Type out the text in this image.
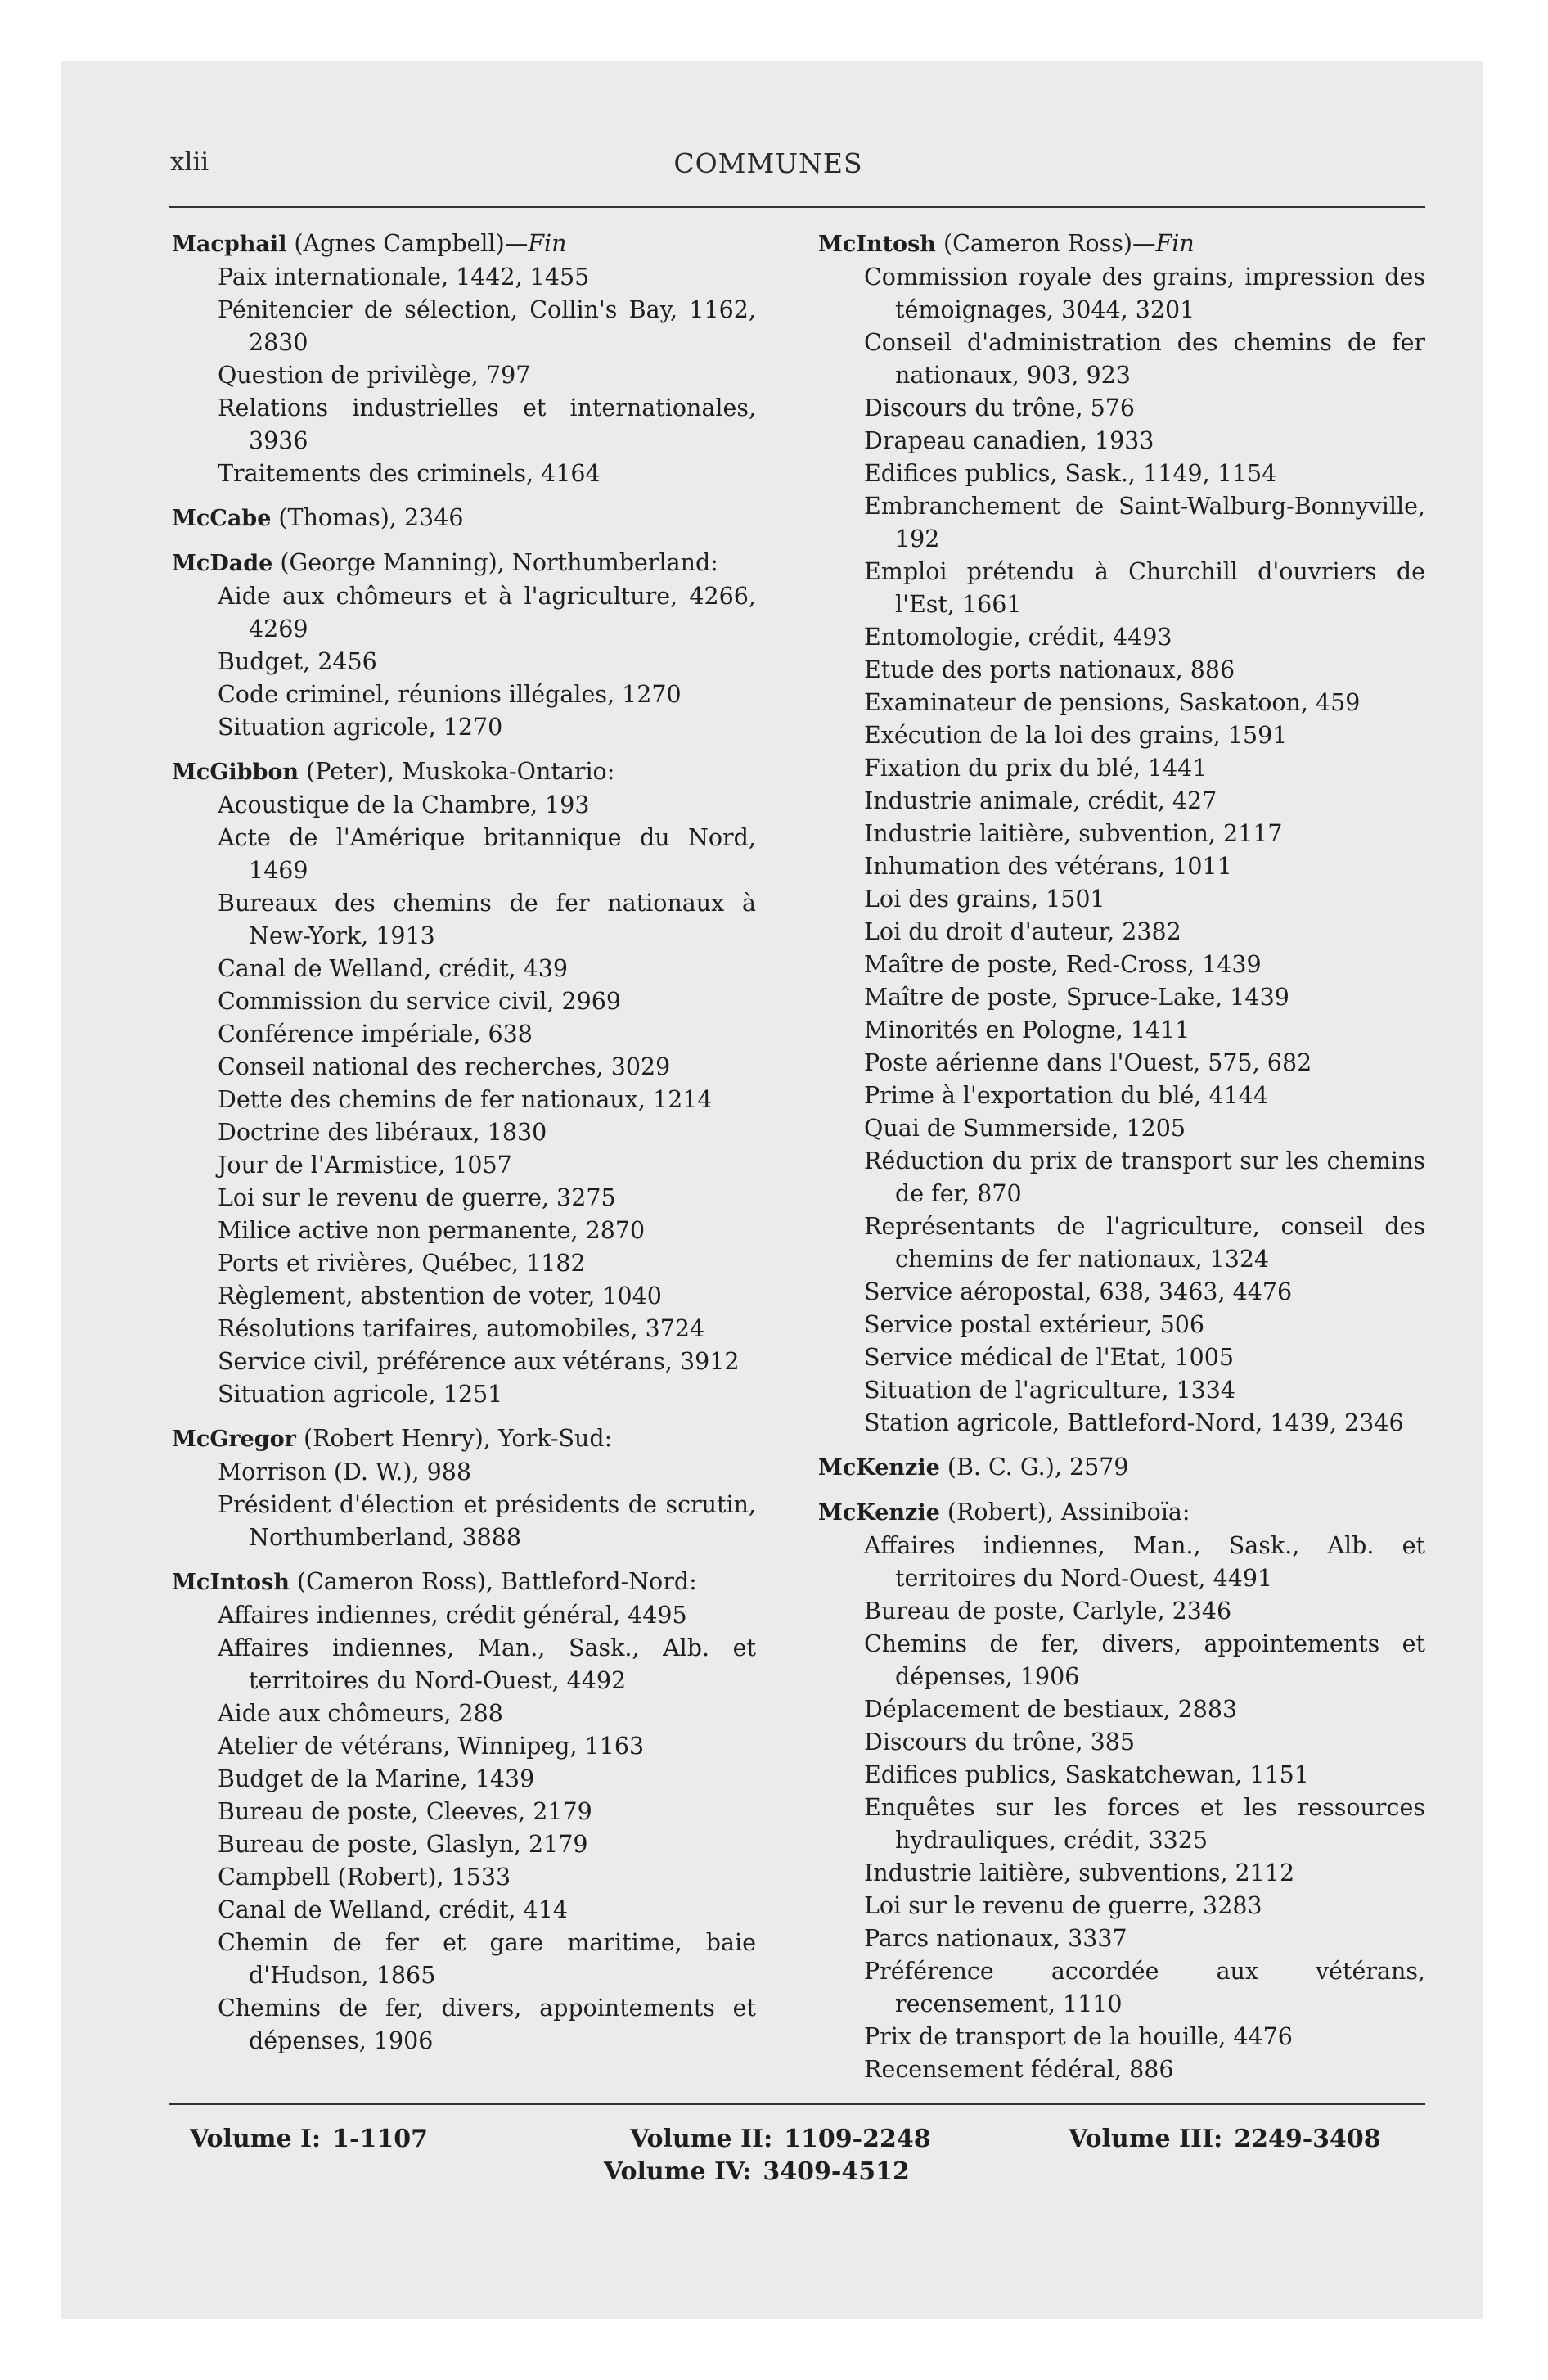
xlii	COMMUNES
Macphail (Agnes Campbell)—Fin
Paix internationale, 1442, 1455
Pénitencier de sélection, Collin's Bay, 1162, 2830
Question de privilège, 797
Relations industrielles et internationales, 3936
Traitements des criminels, 4164
McCabe (Thomas), 2346
McDade (George Manning), Northumberland:
Aide aux chômeurs et à l'agriculture, 4266, 4269
Budget, 2456
Code criminel, réunions illégales, 1270
Situation agricole, 1270
McGibbon (Peter), Muskoka-Ontario:
Acoustique de la Chambre, 193
Acte de l'Amérique britannique du Nord, 1469
Bureaux des chemins de fer nationaux à New-York, 1913
Canal de Welland, crédit, 439
Commission du service civil, 2969
Conférence impériale, 638
Conseil national des recherches, 3029
Dette des chemins de fer nationaux, 1214
Doctrine des libéraux, 1830
Jour de l'Armistice, 1057
Loi sur le revenu de guerre, 3275
Milice active non permanente, 2870
Ports et rivières, Québec, 1182
Règlement, abstention de voter, 1040
Résolutions tarifaires, automobiles, 3724
Service civil, préférence aux vétérans, 3912
Situation agricole, 1251
McGregor (Robert Henry), York-Sud:
Morrison (D. W.), 988
Président d'élection et présidents de scrutin, Northumberland, 3888
McIntosh (Cameron Ross), Battleford-Nord:
Affaires indiennes, crédit général, 4495
Affaires indiennes, Man., Sask., Alb. et territoires du Nord-Ouest, 4492
Aide aux chômeurs, 288
Atelier de vétérans, Winnipeg, 1163
Budget de la Marine, 1439
Bureau de poste, Cleeves, 2179
Bureau de poste, Glaslyn, 2179
Campbell (Robert), 1533
Canal de Welland, crédit, 414
Chemin de fer et gare maritime, baie d'Hudson, 1865
Chemins de fer, divers, appointements et dépenses, 1906
McIntosh (Cameron Ross)—Fin
Commission royale des grains, impression des témoignages, 3044, 3201
Conseil d'administration des chemins de fer nationaux, 903, 923
Discours du trône, 576
Drapeau canadien, 1933
Edifices publics, Sask., 1149, 1154
Embranchement de Saint-Walburg-Bonnyville, 192
Emploi prétendu à Churchill d'ouvriers de l'Est, 1661
Entomologie, crédit, 4493
Etude des ports nationaux, 886
Examinateur de pensions, Saskatoon, 459
Exécution de la loi des grains, 1591
Fixation du prix du blé, 1441
Industrie animale, crédit, 427
Industrie laitière, subvention, 2117
Inhumation des vétérans, 1011
Loi des grains, 1501
Loi du droit d'auteur, 2382
Maître de poste, Red-Cross, 1439
Maître de poste, Spruce-Lake, 1439
Minorités en Pologne, 1411
Poste aérienne dans l'Ouest, 575, 682
Prime à l'exportation du blé, 4144
Quai de Summerside, 1205
Réduction du prix de transport sur les chemins de fer, 870
Représentants de l'agriculture, conseil des chemins de fer nationaux, 1324
Service aéropostal, 638, 3463, 4476
Service postal extérieur, 506
Service médical de l'Etat, 1005
Situation de l'agriculture, 1334
Station agricole, Battleford-Nord, 1439, 2346
McKenzie (B. C. G.), 2579
McKenzie (Robert), Assiniboïa:
Affaires indiennes, Man., Sask., Alb. et territoires du Nord-Ouest, 4491
Bureau de poste, Carlyle, 2346
Chemins de fer, divers, appointements et dépenses, 1906
Déplacement de bestiaux, 2883
Discours du trône, 385
Edifices publics, Saskatchewan, 1151
Enquêtes sur les forces et les ressources hydrauliques, crédit, 3325
Industrie laitière, subventions, 2112
Loi sur le revenu de guerre, 3283
Parcs nationaux, 3337
Préférence accordée aux vétérans, recensement, 1110
Prix de transport de la houille, 4476
Recensement fédéral, 886
Volume I: 1-1107	Volume II: 1109-2248	Volume III: 2249-3408
Volume IV: 3409-4512
